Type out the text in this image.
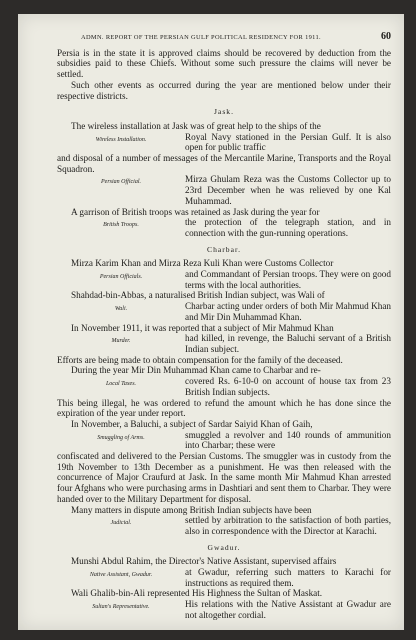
ADMN. REPORT OF THE PERSIAN GULF POLITICAL RESIDENCY FOR 1911.	60

Persia is in the state it is approved claims should be recovered by deduction from the subsidies paid to these Chiefs. Without some such pressure the claims will never be settled.

Such other events as occurred during the year are mentioned below under their respective districts.

Jask.

The wireless installation at Jask was of great help to the ships of the

Wireless Installation.	Royal Navy stationed in the Persian Gulf. It is also open for public traffic

and disposal of a number of messages of the Mercantile Marine, Transports and the Royal Squadron.

Persian Official.	Mirza Ghulam Reza was the Customs Collector up to 23rd December when he was relieved by one Kal Muhammad.

A garrison of British troops was retained as Jask during the year for

British Troops.	the protection of the telegraph station, and in connection with the gun-running operations.
Charbar.

Mirza Karim Khan and Mirza Reza Kuli Khan were Customs Collector

Persian Officials.	and Commandant of Persian troops. They were on good terms with the local authorities.

Shahdad-bin-Abbas, a naturalised British Indian subject, was Wali of

Wali.	Charbar acting under orders of both Mir Mahmud Khan and Mir Din Muhammad Khan.

In November 1911, it was reported that a subject of Mir Mahmud Khan

Murder.	had killed, in revenge, the Baluchi servant of a British Indian subject.

Efforts are being made to obtain compensation for the family of the deceased.

During the year Mir Din Muhammad Khan came to Charbar and re-

Local Taxes.	covered Rs. 6-10-0 on account of house tax from 23 British Indian subjects.

This being illegal, he was ordered to refund the amount which he has done since the expiration of the year under report.

In November, a Baluchi, a subject of Sardar Saiyid Khan of Gaih,

Smuggling of Arms.	smuggled a revolver and 140 rounds of ammunition into Charbar; these were

confiscated and delivered to the Persian Customs. The smuggler was in custody from the 19th November to 13th December as a punishment. He was then released with the concurrence of Major Craufurd at Jask. In the same month Mir Mahmud Khan arrested four Afghans who were purchasing arms in Dashtiari and sent them to Charbar. They were handed over to the Military Department for disposal.

Many matters in dispute among British Indian subjects have been

Judicial.	settled by arbitration to the satisfaction of both parties, also in correspondence with the Director at Karachi.
Gwadur.

Munshi Abdul Rahim, the Director's Native Assistant, supervised affairs

Native Assistant, Gwadur.	at Gwadur, referring such matters to Karachi for instructions as required them.

Wali Ghalib-bin-Ali represented His Highness the Sultan of Maskat.

Sultan's Representative.	His relations with the Native Assistant at Gwadur are not altogether cordial.
